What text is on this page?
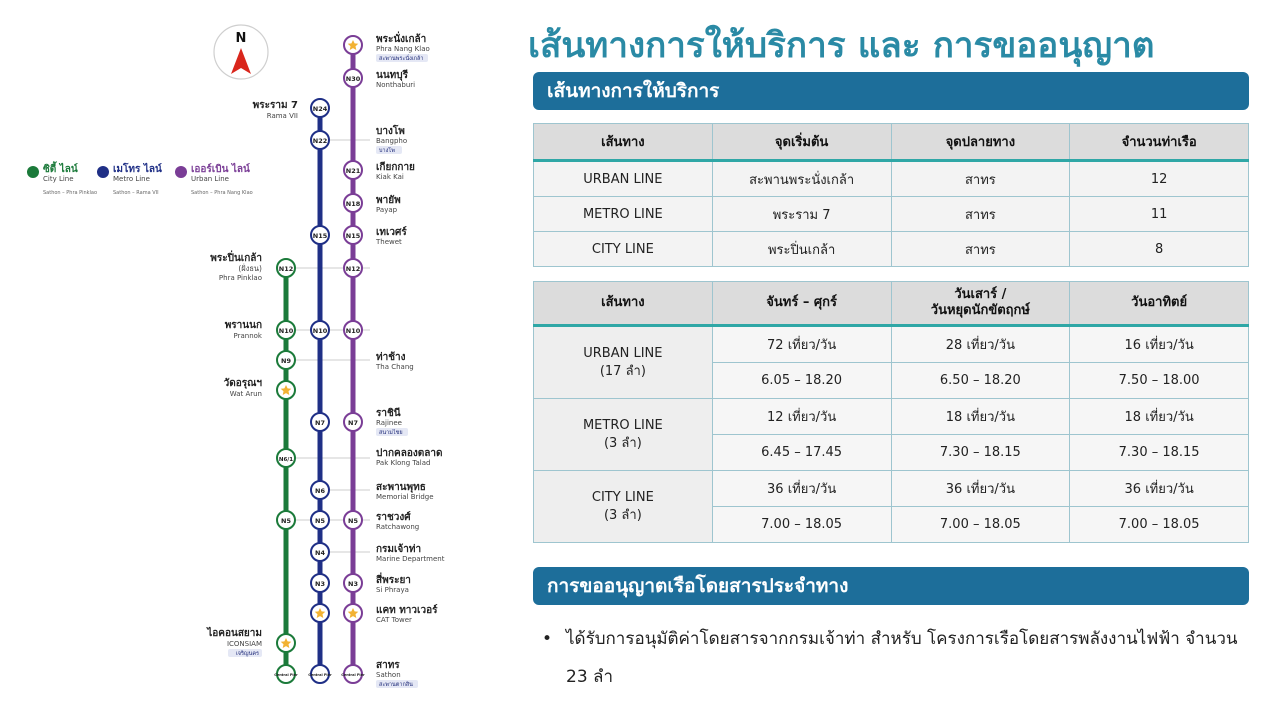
N
ซิตี้ ไลน์
City Line
Sathon – Phra Pinklao
เมโทร ไลน์
Metro Line
Sathon – Rama VII
เออร์เบิน ไลน์
Urban Line
Sathon – Phra Nang Klao
N30
N24
N22
N21
N18
N15	N15
N12	N12
N10	N10	N10
N9
N7	N7
N6/1
N6
N5	N5	N5
N4
N3	N3
Central Pier	Central Pier	Central Pier
พระนั่งเกล้า
Phra Nang Klao
สะพานพระนั่งเกล้า
นนทบุรี
Nonthaburi
บางโพ
Bangpho
บางโพ
เกียกกาย
Kiak Kai
พายัพ
Payap
เทเวศร์
Thewet
ท่าช้าง
Tha Chang
ราชินี
Rajinee
สนามไชย
ปากคลองตลาด
Pak Klong Talad
สะพานพุทธ
Memorial Bridge
ราชวงศ์
Ratchawong
กรมเจ้าท่า
Marine Department
สี่พระยา
Si Phraya
แคท ทาวเวอร์
CAT Tower
สาทร
Sathon
สะพานตากสิน
พระราม 7
Rama VII
พระปิ่นเกล้า
(ฝั่งธน)
Phra Pinklao
พรานนก
Prannok
วัดอรุณฯ
Wat Arun
ไอคอนสยาม
ICONSIAM
เจริญนคร
เส้นทางการให้บริการ และ การขออนุญาต
เส้นทางการให้บริการ
เส้นทาง	จุดเริ่มต้น	จุดปลายทาง	จำนวนท่าเรือ
URBAN LINE	สะพานพระนั่งเกล้า	สาทร	12
METRO LINE	พระราม 7	สาทร	11
CITY LINE	พระปิ่นเกล้า	สาทร	8
เส้นทาง	จันทร์ – ศุกร์	วันเสาร์ /
วันหยุดนักขัตฤกษ์	วันอาทิตย์

URBAN LINE
(17 ลำ)	72 เที่ยว/วัน	28 เที่ยว/วัน	16 เที่ยว/วัน
	6.05 – 18.20	6.50 – 18.20	7.50 – 18.00

METRO LINE
(3 ลำ)	12 เที่ยว/วัน	18 เที่ยว/วัน	18 เที่ยว/วัน
	6.45 – 17.45	7.30 – 18.15	7.30 – 18.15

CITY LINE
(3 ลำ)	36 เที่ยว/วัน	36 เที่ยว/วัน	36 เที่ยว/วัน
	7.00 – 18.05	7.00 – 18.05	7.00 – 18.05
การขออนุญาตเรือโดยสารประจำทาง
• ได้รับการอนุมัติค่าโดยสารจากกรมเจ้าท่า สำหรับ โครงการเรือโดยสารพลังงานไฟฟ้า จำนวน 23 ลำ
